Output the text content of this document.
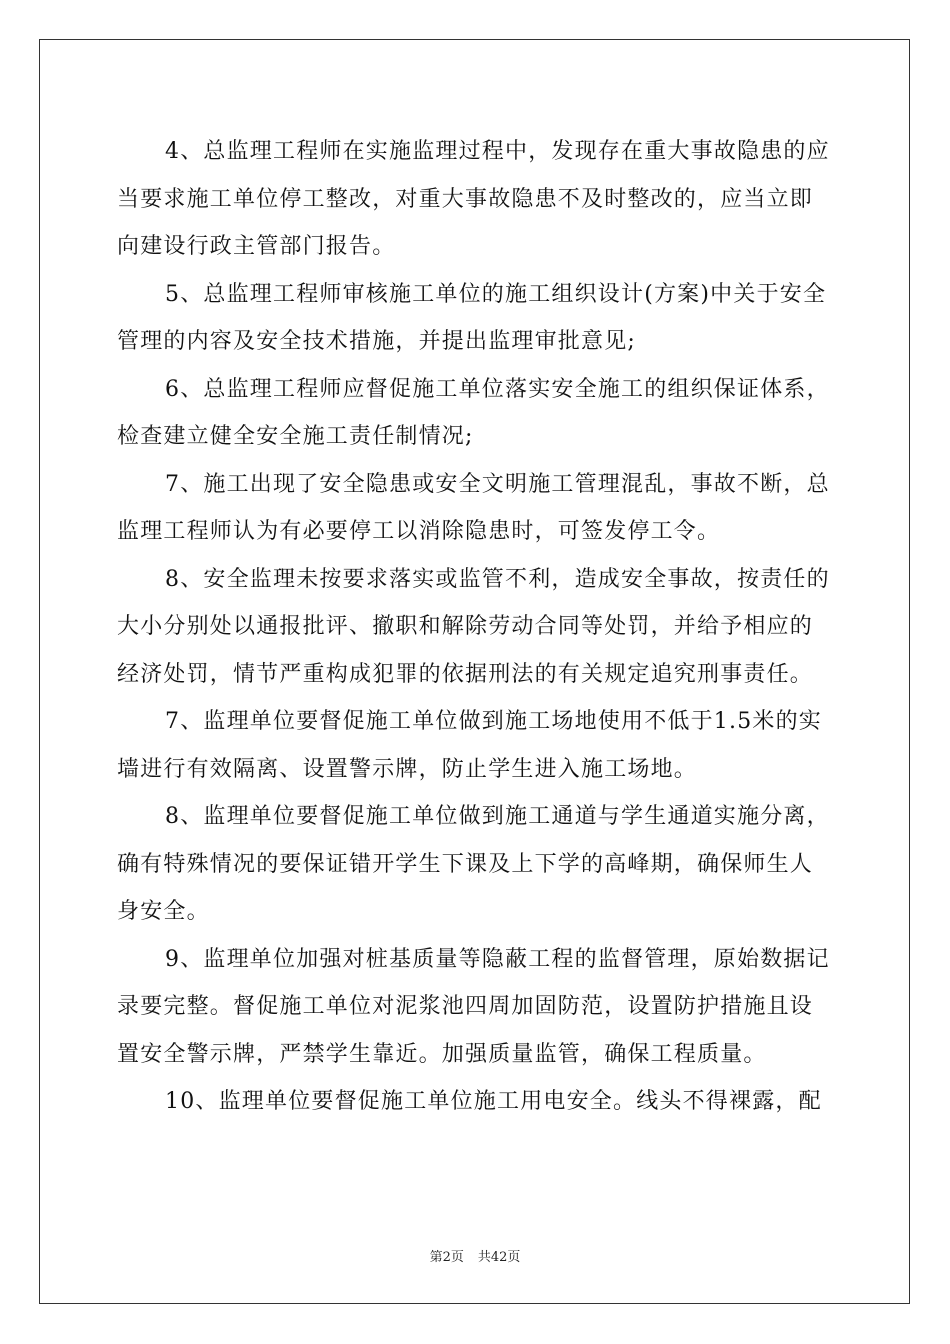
4、总监理工程师在实施监理过程中，发现存在重大事故隐患的应当要求施工单位停工整改，对重大事故隐患不及时整改的，应当立即向建设行政主管部门报告。

5、总监理工程师审核施工单位的施工组织设计(方案)中关于安全管理的内容及安全技术措施，并提出监理审批意见;

6、总监理工程师应督促施工单位落实安全施工的组织保证体系，检查建立健全安全施工责任制情况;

7、施工出现了安全隐患或安全文明施工管理混乱，事故不断，总监理工程师认为有必要停工以消除隐患时，可签发停工令。

8、安全监理未按要求落实或监管不利，造成安全事故，按责任的大小分别处以通报批评、撤职和解除劳动合同等处罚，并给予相应的经济处罚，情节严重构成犯罪的依据刑法的有关规定追究刑事责任。

7、监理单位要督促施工单位做到施工场地使用不低于1.5米的实墙进行有效隔离、设置警示牌，防止学生进入施工场地。

8、监理单位要督促施工单位做到施工通道与学生通道实施分离，确有特殊情况的要保证错开学生下课及上下学的高峰期，确保师生人身安全。

9、监理单位加强对桩基质量等隐蔽工程的监督管理，原始数据记录要完整。督促施工单位对泥浆池四周加固防范，设置防护措施且设置安全警示牌，严禁学生靠近。加强质量监管，确保工程质量。

10、监理单位要督促施工单位施工用电安全。线头不得裸露，配

第2页 共42页
